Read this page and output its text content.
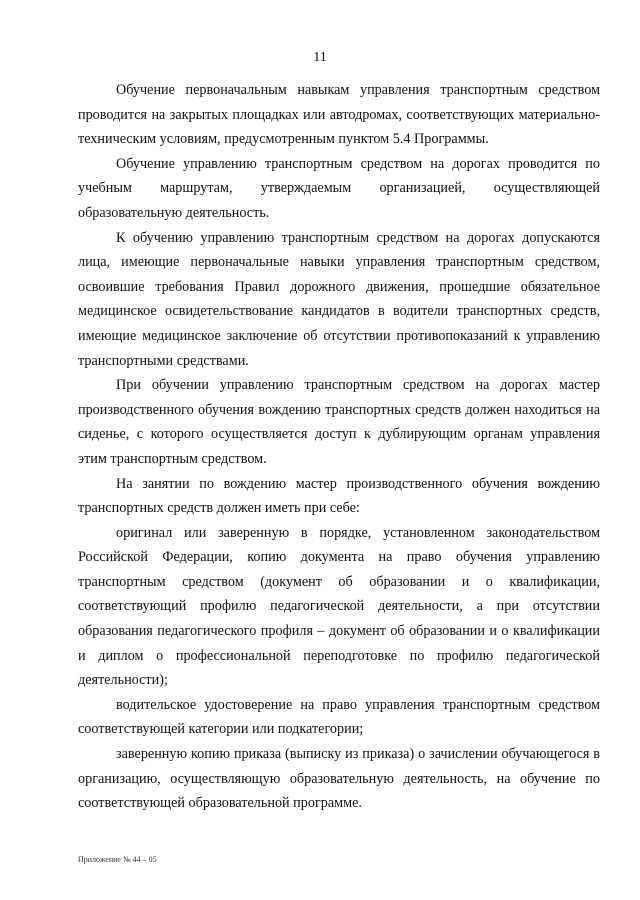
11

Обучение первоначальным навыкам управления транспортным средством проводится на закрытых площадках или автодромах, соответствующих материально-техническим условиям, предусмотренным пунктом 5.4 Программы.

Обучение управлению транспортным средством на дорогах проводится по учебным маршрутам, утверждаемым организацией, осуществляющей образовательную деятельность.

К обучению управлению транспортным средством на дорогах допускаются лица, имеющие первоначальные навыки управления транспортным средством, освоившие требования Правил дорожного движения, прошедшие обязательное медицинское освидетельствование кандидатов в водители транспортных средств, имеющие медицинское заключение об отсутствии противопоказаний к управлению транспортными средствами.

При обучении управлению транспортным средством на дорогах мастер производственного обучения вождению транспортных средств должен находиться на сиденье, с которого осуществляется доступ к дублирующим органам управления этим транспортным средством.

На занятии по вождению мастер производственного обучения вождению транспортных средств должен иметь при себе:

оригинал или заверенную в порядке, установленном законодательством Российской Федерации, копию документа на право обучения управлению транспортным средством (документ об образовании и о квалификации, соответствующий профилю педагогической деятельности, а при отсутствии образования педагогического профиля – документ об образовании и о квалификации и диплом о профессиональной переподготовке по профилю педагогической деятельности);

водительское удостоверение на право управления транспортным средством соответствующей категории или подкатегории;

заверенную копию приказа (выписку из приказа) о зачислении обучающегося в организацию, осуществляющую образовательную деятельность, на обучение по соответствующей образовательной программе.

Приложение № 44 – 05
